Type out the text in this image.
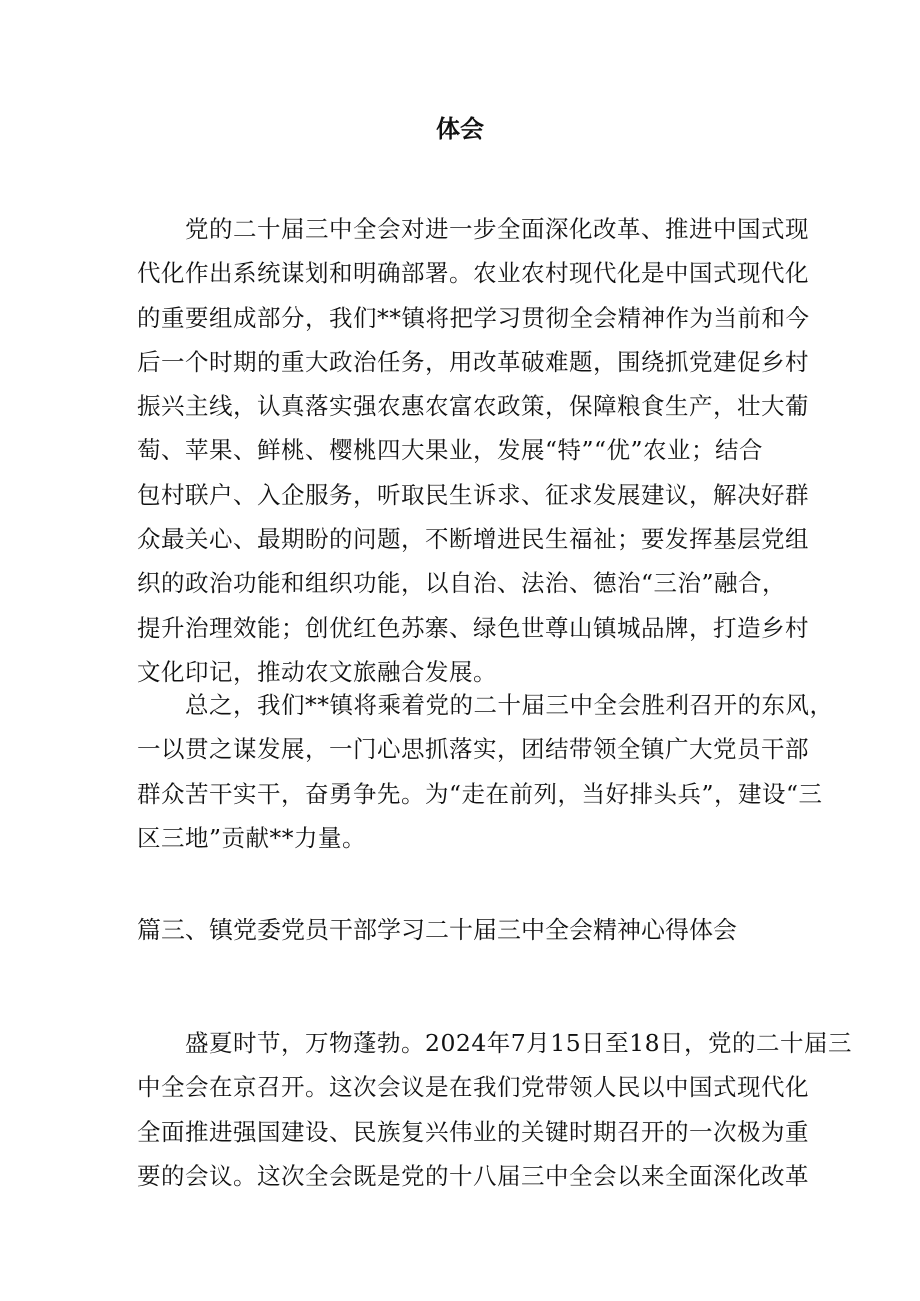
体会
　　党的二十届三中全会对进一步全面深化改革、推进中国式现
代化作出系统谋划和明确部署。农业农村现代化是中国式现代化
的重要组成部分，我们**镇将把学习贯彻全会精神作为当前和今
后一个时期的重大政治任务，用改革破难题，围绕抓党建促乡村
振兴主线，认真落实强农惠农富农政策，保障粮食生产，壮大葡
萄、苹果、鲜桃、樱桃四大果业，发展“特”“优”农业；结合
包村联户、入企服务，听取民生诉求、征求发展建议，解决好群
众最关心、最期盼的问题，不断增进民生福祉；要发挥基层党组
织的政治功能和组织功能，以自治、法治、德治“三治”融合，
提升治理效能；创优红色苏寨、绿色世尊山镇城品牌，打造乡村
文化印记，推动农文旅融合发展。
　　总之，我们**镇将乘着党的二十届三中全会胜利召开的东风，
一以贯之谋发展，一门心思抓落实，团结带领全镇广大党员干部
群众苦干实干，奋勇争先。为“走在前列，当好排头兵”，建设“三
区三地”贡献**力量。
篇三、镇党委党员干部学习二十届三中全会精神心得体会
　　盛夏时节，万物蓬勃。2024年7月15日至18日，党的二十届三
中全会在京召开。这次会议是在我们党带领人民以中国式现代化
全面推进强国建设、民族复兴伟业的关键时期召开的一次极为重
要的会议。这次全会既是党的十八届三中全会以来全面深化改革
